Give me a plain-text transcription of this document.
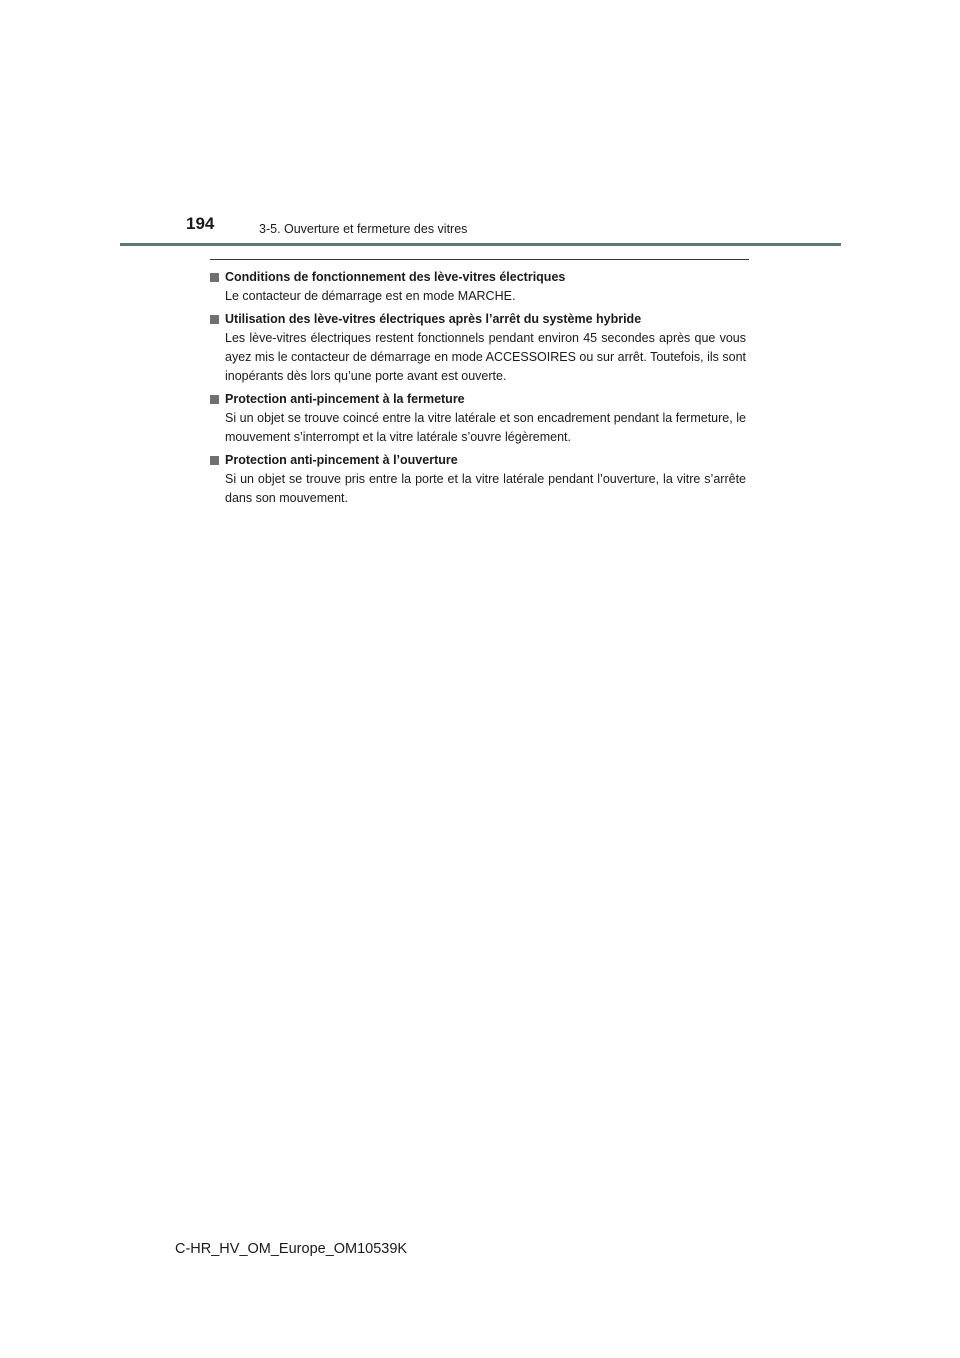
194	3-5. Ouverture et fermeture des vitres
Conditions de fonctionnement des lève-vitres électriques
Le contacteur de démarrage est en mode MARCHE.
Utilisation des lève-vitres électriques après l’arrêt du système hybride
Les lève-vitres électriques restent fonctionnels pendant environ 45 secondes après que vous ayez mis le contacteur de démarrage en mode ACCESSOIRES ou sur arrêt. Toutefois, ils sont inopérants dès lors qu’une porte avant est ouverte.
Protection anti-pincement à la fermeture
Si un objet se trouve coincé entre la vitre latérale et son encadrement pendant la fermeture, le mouvement s’interrompt et la vitre latérale s’ouvre légèrement.
Protection anti-pincement à l’ouverture
Si un objet se trouve pris entre la porte et la vitre latérale pendant l’ouverture, la vitre s’arrête dans son mouvement.
C-HR_HV_OM_Europe_OM10539K
